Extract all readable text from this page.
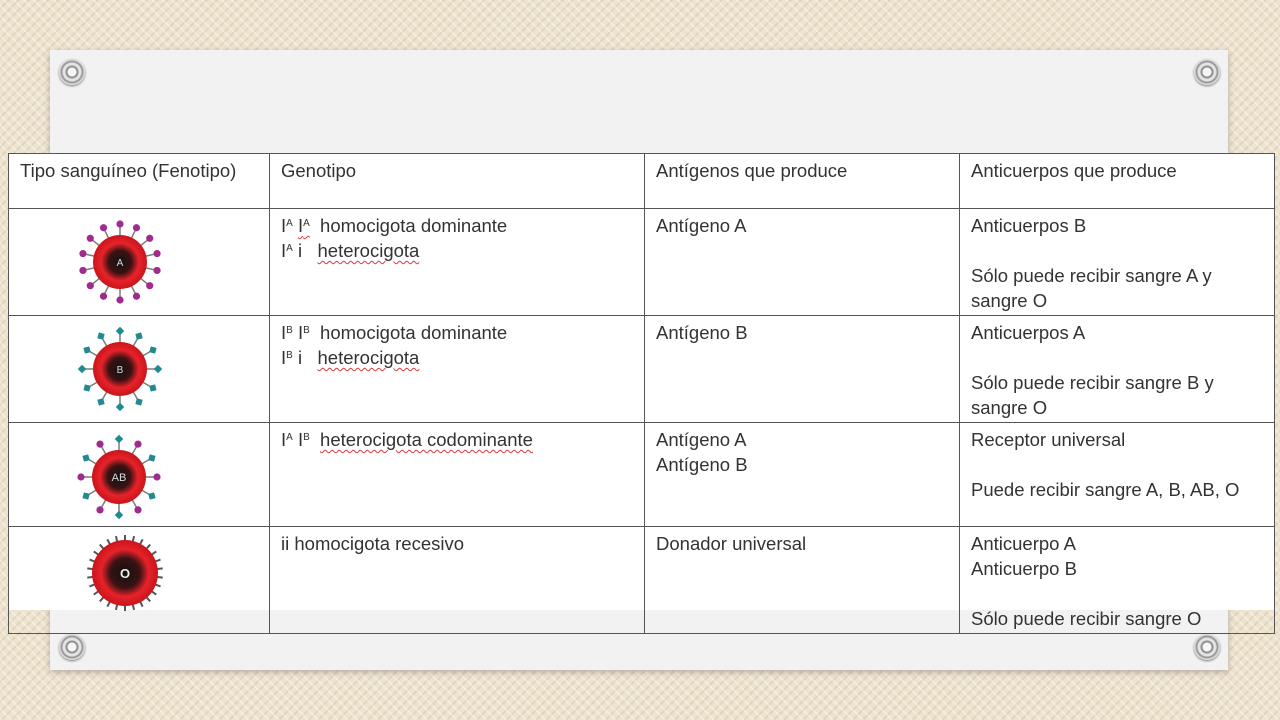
Tipo sanguíneo (Fenotipo)	Genotipo	Antígenos que produce	Anticuerpos que produce

A	$I^A$ $I^A$ homocigota dominante
$I^A$ i heterocigota	Antígeno A	Anticuerpos B
Sólo puede recibir sangre A y sangre O

B	$I^B$ $I^B$ homocigota dominante
$I^B$ i heterocigota	Antígeno B	Anticuerpos A
Sólo puede recibir sangre B y sangre O

AB	$I^A$ $I^B$ heterocigota codominante	Antígeno A
Antígeno B	Receptor universal
Puede recibir sangre A, B, AB, O

O	ii homocigota recesivo	Donador universal	Anticuerpo A
Anticuerpo B
Sólo puede recibir sangre O
